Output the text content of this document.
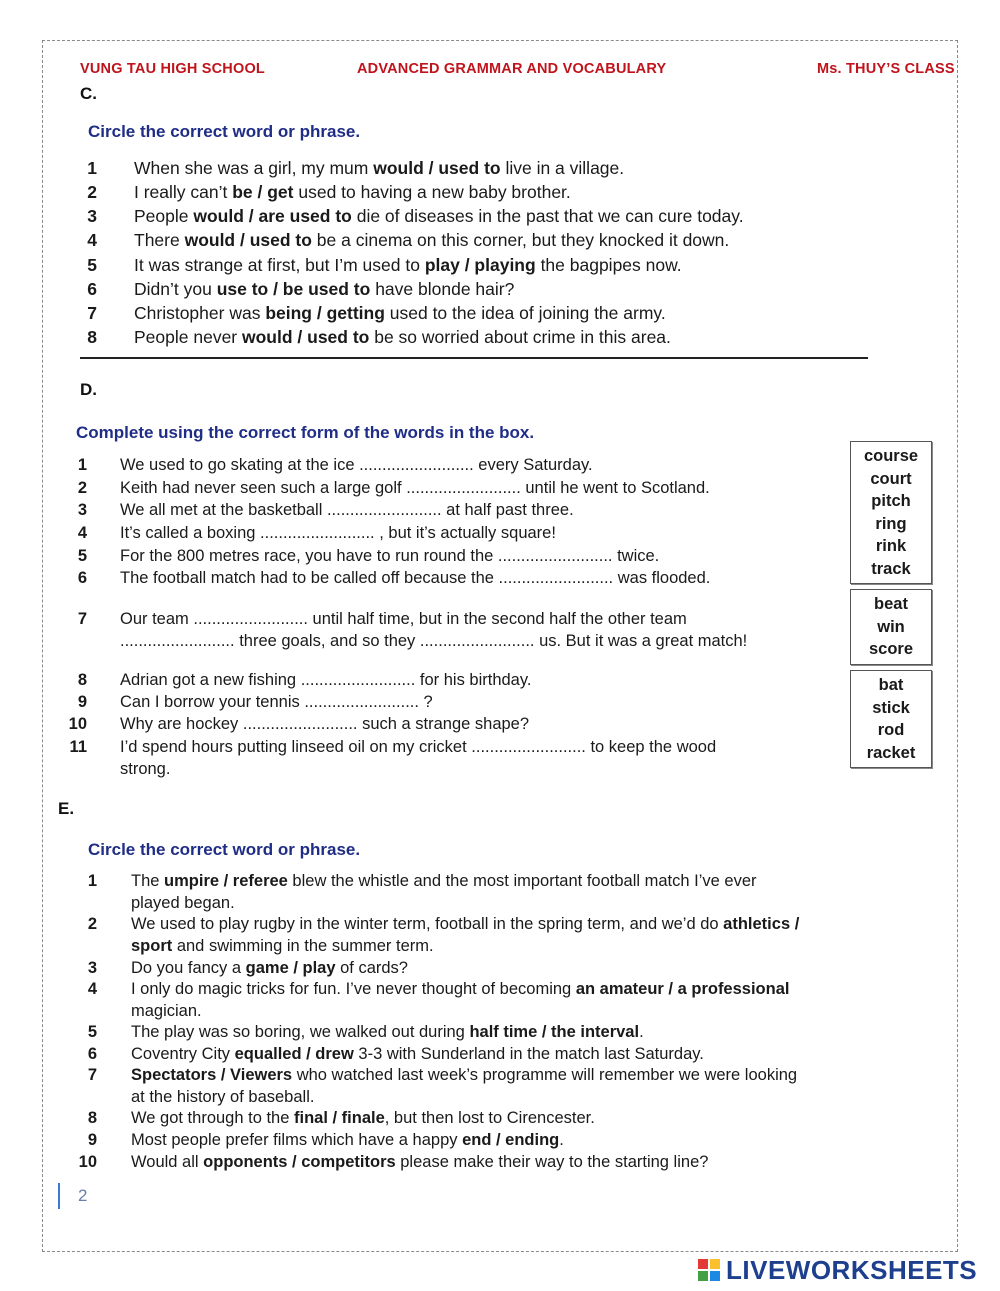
VUNG TAU HIGH SCHOOL	ADVANCED GRAMMAR AND VOCABULARY	Ms. THUY’S CLASS
C.
Circle the correct word or phrase.
1 When she was a girl, my mum would / used to live in a village.
2 I really can’t be / get used to having a new baby brother.
3 People would / are used to die of diseases in the past that we can cure today.
4 There would / used to be a cinema on this corner, but they knocked it down.
5 It was strange at first, but I’m used to play / playing the bagpipes now.
6 Didn’t you use to / be used to have blonde hair?
7 Christopher was being / getting used to the idea of joining the army.
8 People never would / used to be so worried about crime in this area.
D.
Complete using the correct form of the words in the box.
1 We used to go skating at the ice ......................... every Saturday.
2 Keith had never seen such a large golf ......................... until he went to Scotland.
3 We all met at the basketball ......................... at half past three.
4 It’s called a boxing ......................... , but it’s actually square!
5 For the 800 metres race, you have to run round the ......................... twice.
6 The football match had to be called off because the ......................... was flooded.
7 Our team ......................... until half time, but in the second half the other team
......................... three goals, and so they ......................... us. But it was a great match!
8 Adrian got a new fishing ......................... for his birthday.
9 Can I borrow your tennis ......................... ?
10 Why are hockey ......................... such a strange shape?
11 I’d spend hours putting linseed oil on my cricket ......................... to keep the wood
strong.
course
court
pitch
ring
rink
track
beat
win
score
bat
stick
rod
racket
E.
Circle the correct word or phrase.
1 The umpire / referee blew the whistle and the most important football match I’ve ever
played began.
2 We used to play rugby in the winter term, football in the spring term, and we’d do athletics /
sport and swimming in the summer term.
3 Do you fancy a game / play of cards?
4 I only do magic tricks for fun. I’ve never thought of becoming an amateur / a professional
magician.
5 The play was so boring, we walked out during half time / the interval.
6 Coventry City equalled / drew 3-3 with Sunderland in the match last Saturday.
7 Spectators / Viewers who watched last week’s programme will remember we were looking
at the history of baseball.
8 We got through to the final / finale, but then lost to Cirencester.
9 Most people prefer films which have a happy end / ending.
10 Would all opponents / competitors please make their way to the starting line?
2
LIVEWORKSHEETS
